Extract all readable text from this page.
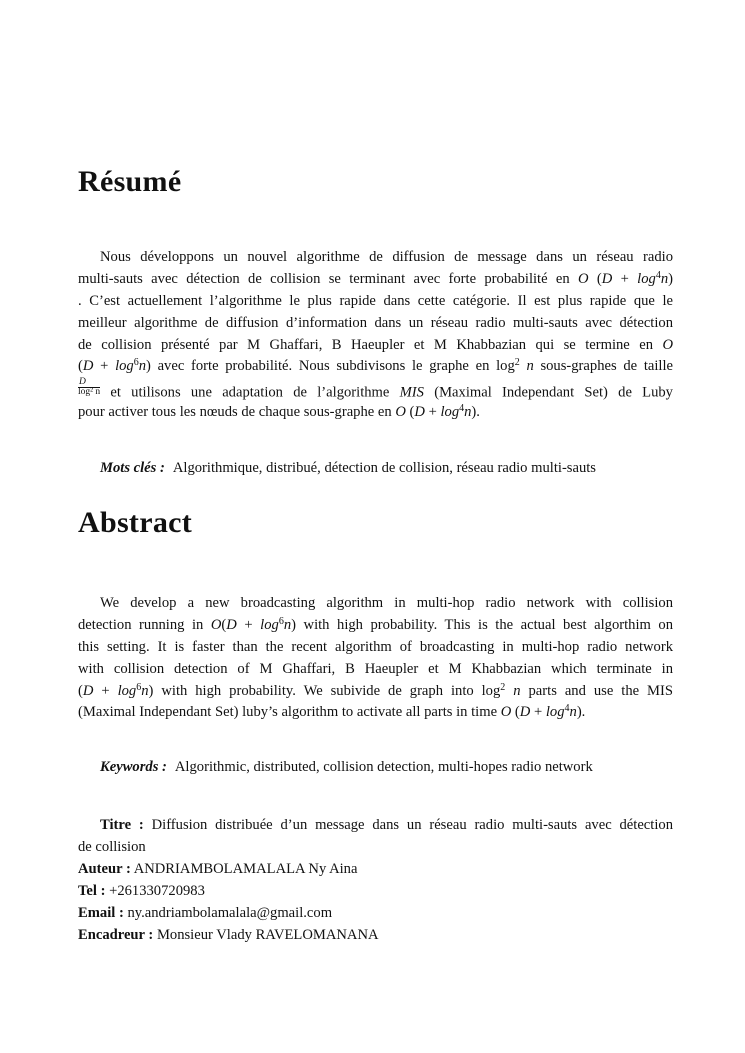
Résumé
Nous développons un nouvel algorithme de diffusion de message dans un réseau radio
multi-sauts avec détection de collision se terminant avec forte probabilité en O $(D + \log^4n)$
. C’est actuellement l’algorithme le plus rapide dans cette catégorie. Il est plus rapide que le
meilleur algorithme de diffusion d’information dans un réseau radio multi-sauts avec détection
de collision présenté par M Ghaffari, B Haeupler et M Khabbazian qui se termine en O
$(D + \log^6n)$ avec forte probabilité. Nous subdivisons le graphe en $\log^2 n$ sous-graphes de taille
$\frac{D}{\text{log² n}}$ et utilisons une adaptation de l’algorithme MIS (Maximal Independant Set) de Luby
pour activer tous les nœuds de chaque sous-graphe en O $(D + \log^4n)$.
Mots clés : Algorithmique, distribué, détection de collision, réseau radio multi-sauts
Abstract
We develop a new broadcasting algorithm in multi-hop radio network with collision
detection running in $O(D + \log^6n)$ with high probability. This is the actual best algorthim on
this setting. It is faster than the recent algorithm of broadcasting in multi-hop radio network
with collision detection of M Ghaffari, B Haeupler et M Khabbazian which terminate in
$(D + \log^6n)$ with high probability. We subivide de graph into $\log^2 n$ parts and use the MIS
(Maximal Independant Set) luby’s algorithm to activate all parts in time O $(D + \log^4n)$.
Keywords : Algorithmic, distributed, collision detection, multi-hopes radio network
Titre : Diffusion distribuée d’un message dans un réseau radio multi-sauts avec détection
de collision
Auteur : ANDRIAMBOLAMALALA Ny Aina
Tel : +261330720983
Email : ny.andriambolamalala@gmail.com
Encadreur : Monsieur Vlady RAVELOMANANA
